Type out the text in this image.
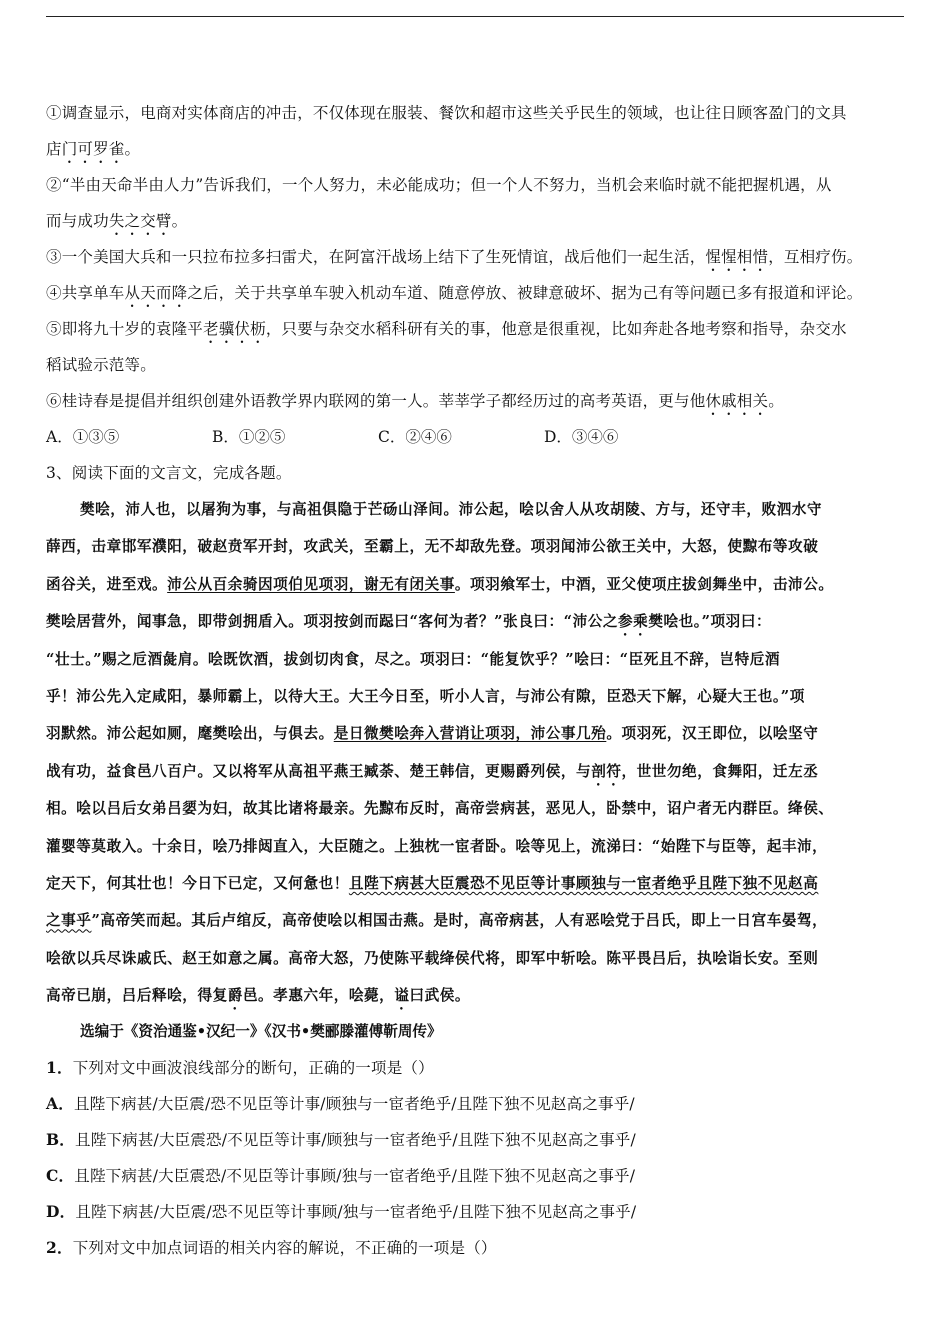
①调查显示，电商对实体商店的冲击，不仅体现在服装、餐饮和超市这些关乎民生的领域，也让往日顾客盈门的文具
店门可罗雀。
②“半由天命半由人力”告诉我们，一个人努力，未必能成功；但一个人不努力，当机会来临时就不能把握机遇，从
而与成功失之交臂。
③一个美国大兵和一只拉布拉多扫雷犬，在阿富汗战场上结下了生死情谊，战后他们一起生活，惺惺相惜，互相疗伤。
④共享单车从天而降之后，关于共享单车驶入机动车道、随意停放、被肆意破坏、据为己有等问题已多有报道和评论。
⑤即将九十岁的袁隆平老骥伏枥，只要与杂交水稻科研有关的事，他意是很重视，比如奔赴各地考察和指导，杂交水
稻试验示范等。
⑥桂诗春是提倡并组织创建外语教学界内联网的第一人。莘莘学子都经历过的高考英语，更与他休戚相关。
A．①③⑤	B．①②⑤	C．②④⑥	D．③④⑥
3、阅读下面的文言文，完成各题。
樊哙，沛人也，以屠狗为事，与高祖俱隐于芒砀山泽间。沛公起，哙以舍人从攻胡陵、方与，还守丰，败泗水守
薛西，击章邯军濮阳，破赵贲军开封，攻武关，至霸上，无不却敌先登。项羽闻沛公欲王关中，大怒，使黥布等攻破
函谷关，进至戏。沛公从百余骑因项伯见项羽，谢无有闭关事。项羽飨军士，中酒，亚父使项庄拔剑舞坐中，击沛公。
樊哙居营外，闻事急，即带剑拥盾入。项羽按剑而跽曰“客何为者？”张良曰：“沛公之参乘樊哙也。”项羽曰：
“壮士。”赐之卮酒彘肩。哙既饮酒，拔剑切肉食，尽之。项羽曰：“能复饮乎？”哙曰：“臣死且不辞，岂特卮酒
乎！沛公先入定咸阳，暴师霸上，以待大王。大王今日至，听小人言，与沛公有隙，臣恐天下解，心疑大王也。”项
羽默然。沛公起如厕，麾樊哙出，与俱去。是日微樊哙奔入营诮让项羽，沛公事几殆。项羽死，汉王即位，以哙坚守
战有功，益食邑八百户。又以将军从高祖平燕王臧荼、楚王韩信，更赐爵列侯，与剖符，世世勿绝，食舞阳，迁左丞
相。哙以吕后女弟吕媭为妇，故其比诸将最亲。先黥布反时，高帝尝病甚，恶见人，卧禁中，诏户者无内群臣。绛侯、
灌婴等莫敢入。十余日，哙乃排闼直入，大臣随之。上独枕一宦者卧。哙等见上，流涕曰：“始陛下与臣等，起丰沛，
定天下，何其壮也！今日下已定，又何惫也！且陛下病甚大臣震恐不见臣等计事顾独与一宦者绝乎且陛下独不见赵高
之事乎”高帝笑而起。其后卢绾反，高帝使哙以相国击燕。是时，高帝病甚，人有恶哙党于吕氏，即上一日宫车晏驾，
哙欲以兵尽诛戚氏、赵王如意之属。高帝大怒，乃使陈平载绛侯代将，即军中斩哙。陈平畏吕后，执哙诣长安。至则
高帝已崩，吕后释哙，得复爵邑。孝惠六年，哙薨，谥曰武侯。
选编于《资治通鉴•汉纪一》《汉书•樊郦滕灌傅靳周传》
1．下列对文中画波浪线部分的断句，正确的一项是（）
A．且陛下病甚/大臣震/恐不见臣等计事/顾独与一宦者绝乎/且陛下独不见赵高之事乎/
B．且陛下病甚/大臣震恐/不见臣等计事/顾独与一宦者绝乎/且陛下独不见赵高之事乎/
C．且陛下病甚/大臣震恐/不见臣等计事顾/独与一宦者绝乎/且陛下独不见赵高之事乎/
D．且陛下病甚/大臣震/恐不见臣等计事顾/独与一宦者绝乎/且陛下独不见赵高之事乎/
2．下列对文中加点词语的相关内容的解说，不正确的一项是（）
